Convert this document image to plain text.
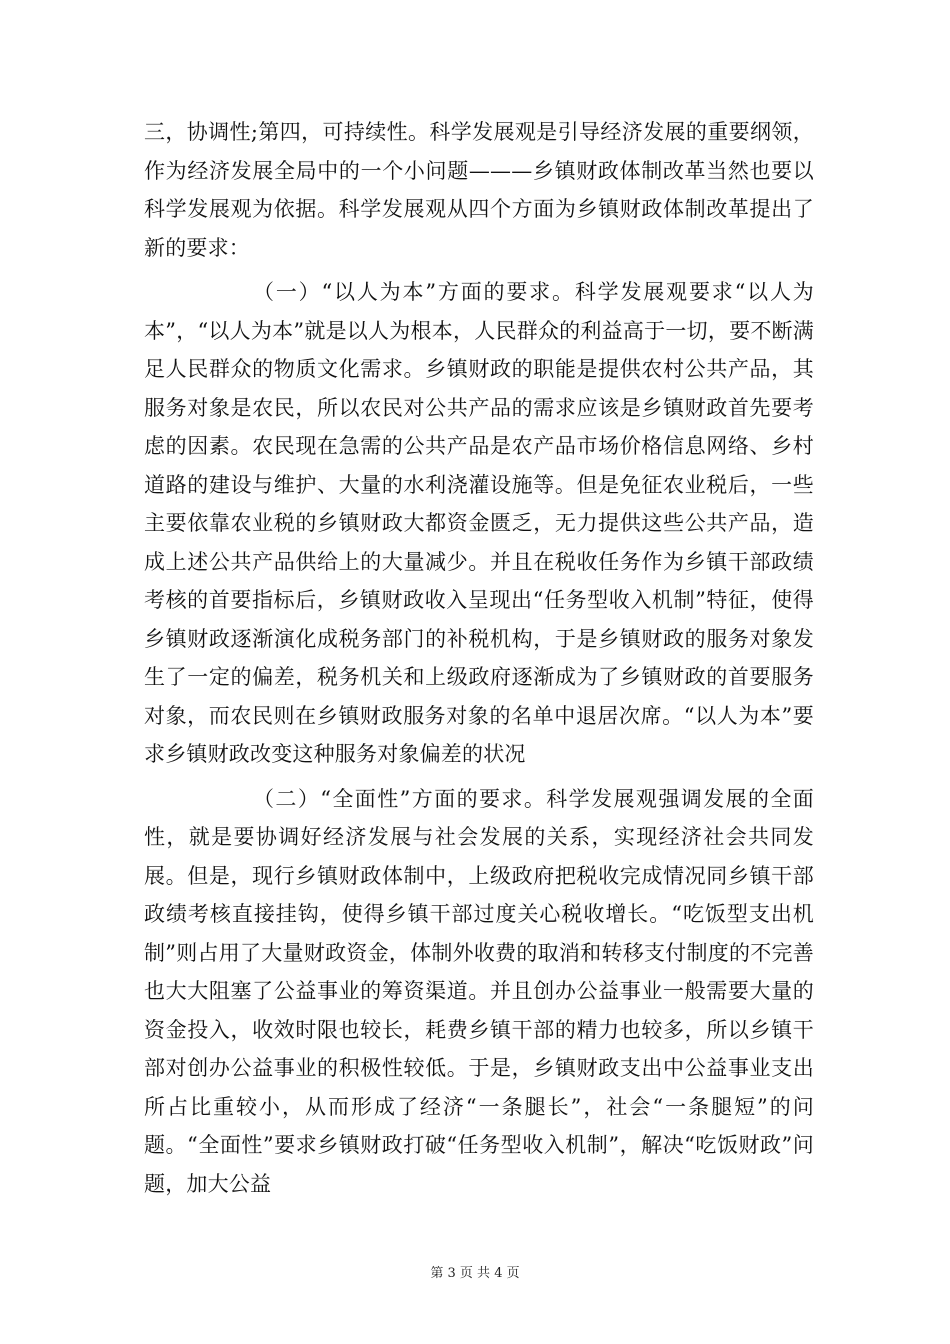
三，协调性;第四，可持续性。科学发展观是引导经济发展的重要纲领，作为经济发展全局中的一个小问题———乡镇财政体制改革当然也要以科学发展观为依据。科学发展观从四个方面为乡镇财政体制改革提出了新的要求：

（一）“以人为本”方面的要求。科学发展观要求“以人为本”，“以人为本”就是以人为根本，人民群众的利益高于一切，要不断满足人民群众的物质文化需求。乡镇财政的职能是提供农村公共产品，其服务对象是农民，所以农民对公共产品的需求应该是乡镇财政首先要考虑的因素。农民现在急需的公共产品是农产品市场价格信息网络、乡村道路的建设与维护、大量的水利浇灌设施等。但是免征农业税后，一些主要依靠农业税的乡镇财政大都资金匮乏，无力提供这些公共产品，造成上述公共产品供给上的大量减少。并且在税收任务作为乡镇干部政绩考核的首要指标后，乡镇财政收入呈现出“任务型收入机制”特征，使得乡镇财政逐渐演化成税务部门的补税机构，于是乡镇财政的服务对象发生了一定的偏差，税务机关和上级政府逐渐成为了乡镇财政的首要服务对象，而农民则在乡镇财政服务对象的名单中退居次席。“以人为本”要求乡镇财政改变这种服务对象偏差的状况

（二）“全面性”方面的要求。科学发展观强调发展的全面性，就是要协调好经济发展与社会发展的关系，实现经济社会共同发展。但是，现行乡镇财政体制中，上级政府把税收完成情况同乡镇干部政绩考核直接挂钩，使得乡镇干部过度关心税收增长。“吃饭型支出机制”则占用了大量财政资金，体制外收费的取消和转移支付制度的不完善也大大阻塞了公益事业的筹资渠道。并且创办公益事业一般需要大量的资金投入，收效时限也较长，耗费乡镇干部的精力也较多，所以乡镇干部对创办公益事业的积极性较低。于是，乡镇财政支出中公益事业支出所占比重较小，从而形成了经济“一条腿长”，社会“一条腿短”的问题。“全面性”要求乡镇财政打破“任务型收入机制”，解决“吃饭财政”问题，加大公益

第 3 页 共 4 页
